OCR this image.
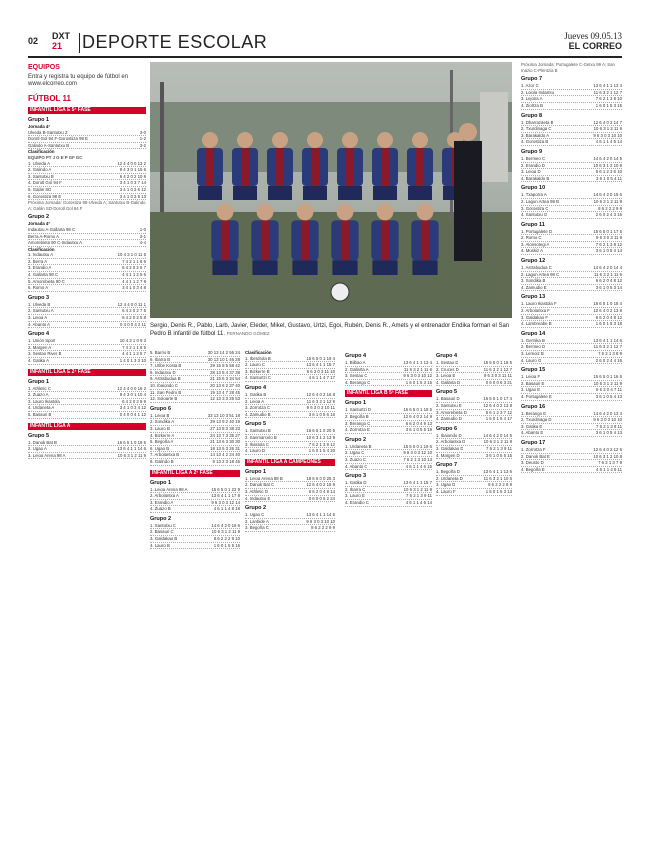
02 DXT
21 DEPORTE ESCOLAR	Jueves 09.05.13
EL CORREO
EQUIPOS
Entra y registra tu equipo de fútbol en www.elcorreo.com
FÚTBOL 11
INFANTIL LIGA E 5ª FASE
Grupo 1
Jornada 4ª
Ulveda B-Santutxu Z	3-0
Dorotl Gol 94 F-Gorostiiza 98 E	1-2
Galindo A-Santutxu B	3-2
Clasificación
EQUIPO PT J G E P GF GC
1. Ulveda A	12 4 4 0 0 13 2
2. Galindo A	9 4 3 0 1 15 6
3. Santutxu B	6 4 2 0 2 10 9
4. Dorotl Gol 94 F	3 4 1 0 3 7 14
5. Galán SD	3 4 1 0 3 6 12
6. Gorostiza 98 E	3 4 1 0 3 5 13
Próxima Jornada: Gorostiza 98-Ulveda A; Santutxu B-Galindo A; Galán SD-Dorotl Gol 94 F
Grupo 2
Jornada 4ª
Indautxu A-Gallarta 98 C	1-0
Berra A-Romo A	3-1
Amorebieta 90 C-Indautxu A	4-4
Clasificación
1. Indautxu A	10 4 3 1 0 11 5
2. Berra A	7 4 2 1 1 8 6
3. Erandio A	6 4 2 0 2 6 7
4. Gallarta 98 C	4 4 1 1 2 5 6
5. Amorebieta 90 C	4 4 1 1 2 7 9
6. Romo A	3 4 1 0 3 4 8
Grupo 3
1. Ulveda B	12 4 4 0 0 11 1
2. Santutxu A	6 4 2 0 2 7 5
3. Leioa A	6 4 2 0 2 5 8
4. Abanto A	0 4 0 0 4 2 11
Grupo 4
1. Unión Sport	10 4 3 1 0 9 3
2. Margen A	7 4 2 1 1 8 5
3. Sestao River B	4 4 1 1 2 5 7
4. Gatika A	1 4 0 1 3 3 10
INFANTIL LIGA E 2ª FASE
Grupo 1
1. Athletic C	12 4 4 0 0 16 2
2. Zuazo A	9 4 3 0 1 10 4
3. Lauro Ikastola	6 4 2 0 2 8 9
4. Urdaneta A	3 4 1 0 3 4 12
5. Basauri B	0 4 0 0 4 1 12
INFANTIL LIGA A
Grupo 5
1. Danok Bat B	16 6 5 1 0 19 5
2. Ugao A	13 6 4 1 1 14 6
3. Leioa Arena 98 A	10 6 3 1 2 11 9
Sergio, Denis R., Pablo, Larb, Javier, Eleder, Mikel, Gustavo, Urtzi, Egoi, Rubén, Denis R., Amets y el entrenador Endika forman el San Pedro B infantil de fútbol 11. FERNANDO GÓMEZ
5. Barrio B	30 13 14 2 56 24
6. Ibarra B	30 13 10 1 46 28
7. Uribe Kosta B	29 15 8 5 58 42
8. Indautxu D	28 13 8 4 37 38
9. Astrabudua B	21 15 6 3 34 54
10. Ibaiondo C	20 13 6 2 37 40
11. San Pedro B	19 13 4 7 28 45
12. Soloarte B	12 13 3 3 25 53
Grupo 6
1. Leioa B	33 13 10 3 51 18
2. Sondika A	29 13 9 2 40 19
3. Lauro B	27 13 8 3 38 23
4. Bizkerre A	24 13 7 3 35 27
5. Begoña A	21 13 6 3 30 30
6. Ugao B	18 13 5 3 26 31
7. Arbolantxa B	14 13 4 2 24 40
8. Galindo B	9 13 2 3 18 45
INFANTIL LIGA A 2ª FASE
Grupo 1
1. Leioa Arena 98 A	15 6 5 0 1 22 9
2. Arbolantxa A	13 6 4 1 1 17 8
3. Erandio A	9 6 3 0 3 12 14
4. Zuazo B	4 6 1 1 4 8 18
Grupo 2
1. Santutxu C	14 6 4 2 0 16 6
2. Basauri C	10 6 3 1 2 11 9
3. Galdakao B	8 6 2 2 2 9 10
4. Lauro B	1 6 0 1 5 5 16
Clasificación
1. Iberdrola B	15 6 5 0 1 19 4
2. Lauro C	13 6 4 1 1 15 7
3. Bizkerre B	9 6 3 0 3 11 10
4. Santurtzi C	4 6 1 1 4 7 17
Grupo 4
1. Gatika B	12 6 4 0 2 16 8
2. Leioa A	11 6 3 2 1 12 9
3. Zorrotza C	9 6 3 0 3 10 11
4. Zamudio B	3 6 1 0 5 6 16
Grupo 5
1. Santutxu B	16 6 5 1 0 20 5
2. Sanmarcelo B	10 6 3 1 2 13 9
3. Ikastola C	7 6 2 1 3 9 12
4. Lauro D	1 6 0 1 5 4 20
INFANTIL LIGA A CAMPEONES
Grupo 1
1. Leioa Arena 98 B	18 6 6 0 0 25 3
2. Danok Bat C	12 6 4 0 2 15 9
3. Athletic D	6 6 2 0 4 8 14
4. Indautxu E	0 6 0 0 6 2 24
Grupo 2
1. Ugao C	13 6 4 1 1 14 6
2. Lanbide A	9 6 3 0 3 10 10
3. Begoña C	8 6 2 2 2 9 9
Grupo 4
1. Bilbao A	13 6 4 1 1 13 4
2. Gallarta A	11 6 3 2 1 11 6
3. Sestao C	9 6 3 0 3 10 12
4. Berango C	1 6 0 1 5 3 15
INFANTIL LIGA B 5ª FASE
Grupo 1
1. Santurtzi D	15 6 5 0 1 18 5
2. Begoña B	12 6 4 0 2 14 9
3. Berango C	6 6 2 0 4 9 13
4. Zorrotza E	3 6 1 0 5 5 19
Grupo 2
1. Urdaneta B	15 6 5 0 1 16 6
2. Ugao C	9 6 3 0 3 12 10
3. Zuazo C	7 6 2 1 3 10 13
4. Abanto C	4 6 1 1 4 6 15
Grupo 3
1. Gatika D	13 6 4 1 1 15 7
2. Ibarra C	10 6 3 1 2 11 9
3. Lauro E	7 6 2 1 3 9 11
4. Erandio C	4 6 1 1 4 6 14
Grupo 4
1. Sestao D	15 6 5 0 1 18 5
2. Cruces D	11 6 3 2 1 12 7
3. Leioa E	9 6 3 0 3 11 11
4. Gallarta D	0 6 0 0 6 3 21
Grupo 5
1. Basauri D	16 6 5 1 0 17 4
2. Santutxu E	12 6 4 0 2 13 8
3. Amorebieta D	5 6 1 2 3 7 12
4. Zamudio D	1 6 0 1 5 4 17
Grupo 6
1. Ibaiondo D	14 6 4 2 0 14 5
2. Arbolantxa D	10 6 3 1 2 11 8
3. Galdakao D	7 6 2 1 3 9 11
4. Margen D	3 6 1 0 5 5 15
Grupo 7
1. Begoña D	13 6 4 1 1 13 6
2. Urdaneta D	11 6 3 2 1 10 6
3. Ugao D	8 6 2 2 2 8 9
4. Lauro F	1 6 0 1 5 3 13
Próxima Jornada: Portugalete C-Getxo 99 A; San Inazio C-Plentzia B
Grupo 7
1. Azor C	13 6 4 1 1 13 4
2. Loiola Indartsu	11 6 3 2 1 12 7
3. Lejona A	7 6 2 1 3 8 10
4. Ziortza B	1 6 0 1 5 3 15
Grupo 8
1. Dharrazaeta B	12 6 4 0 2 14 7
2. Txurdinaga C	10 6 3 1 2 11 9
3. Barakaldo A	9 6 3 0 3 10 10
4. Gorostiza B	4 6 1 1 4 5 14
Grupo 9
1. Bermeo C	14 6 4 2 0 14 5
2. Erandio D	10 6 3 1 2 10 8
3. Leioa D	5 6 1 2 3 6 10
4. Barakaldo B	3 6 1 0 5 4 11
Grupo 10
1. Txaporra A	14 6 4 2 0 15 6
2. Lagun Artea 98 B	10 6 3 1 2 11 8
3. Gorostiza C	8 6 2 2 2 9 9
4. Santutxu G	2 6 0 2 4 3 15
Grupo 11
1. Portugalete D	15 6 5 0 1 17 5
2. Romo C	9 6 3 0 3 11 9
3. Alonsotegi A	7 6 2 1 3 8 12
4. Muskiz A	3 6 1 0 5 4 14
Grupo 12
1. Astrabudua C	14 6 4 2 0 14 4
2. Lagun Artea 98 C	11 6 3 2 1 11 6
3. Sondika B	6 6 2 0 4 8 12
4. Zamudio E	3 6 1 0 5 3 14
Grupo 13
1. Lauro Ikastola F	16 6 5 1 0 18 4
2. Arbolantxa F	12 6 4 0 2 13 8
3. Galdakao F	6 6 2 0 4 8 12
4. Lambreabe B	1 6 0 1 5 3 18
Grupo 14
1. Gernika B	13 6 4 1 1 14 6
2. Bermeo D	11 6 3 2 1 12 7
3. Lemoiz B	7 6 2 1 3 8 9
4. Lauro G	2 6 0 2 4 4 16
Grupo 15
1. Leioa F	15 6 5 0 1 16 5
2. Basauri E	10 6 3 1 2 11 9
3. Ugao E	6 6 2 0 4 7 11
4. Portugalete E	3 6 1 0 5 4 13
Grupo 16
1. Berango E	14 6 4 2 0 13 4
2. Txurdinaga D	9 6 3 0 3 10 10
3. Gatika E	7 6 2 1 3 8 11
4. Abanto E	3 6 1 0 5 4 13
Grupo 17
1. Zorrotza F	12 6 4 0 2 12 6
2. Danok Bat E	10 6 3 1 2 10 8
3. Deusto D	7 6 2 1 3 7 9
4. Begoña E	4 6 1 1 4 5 11
